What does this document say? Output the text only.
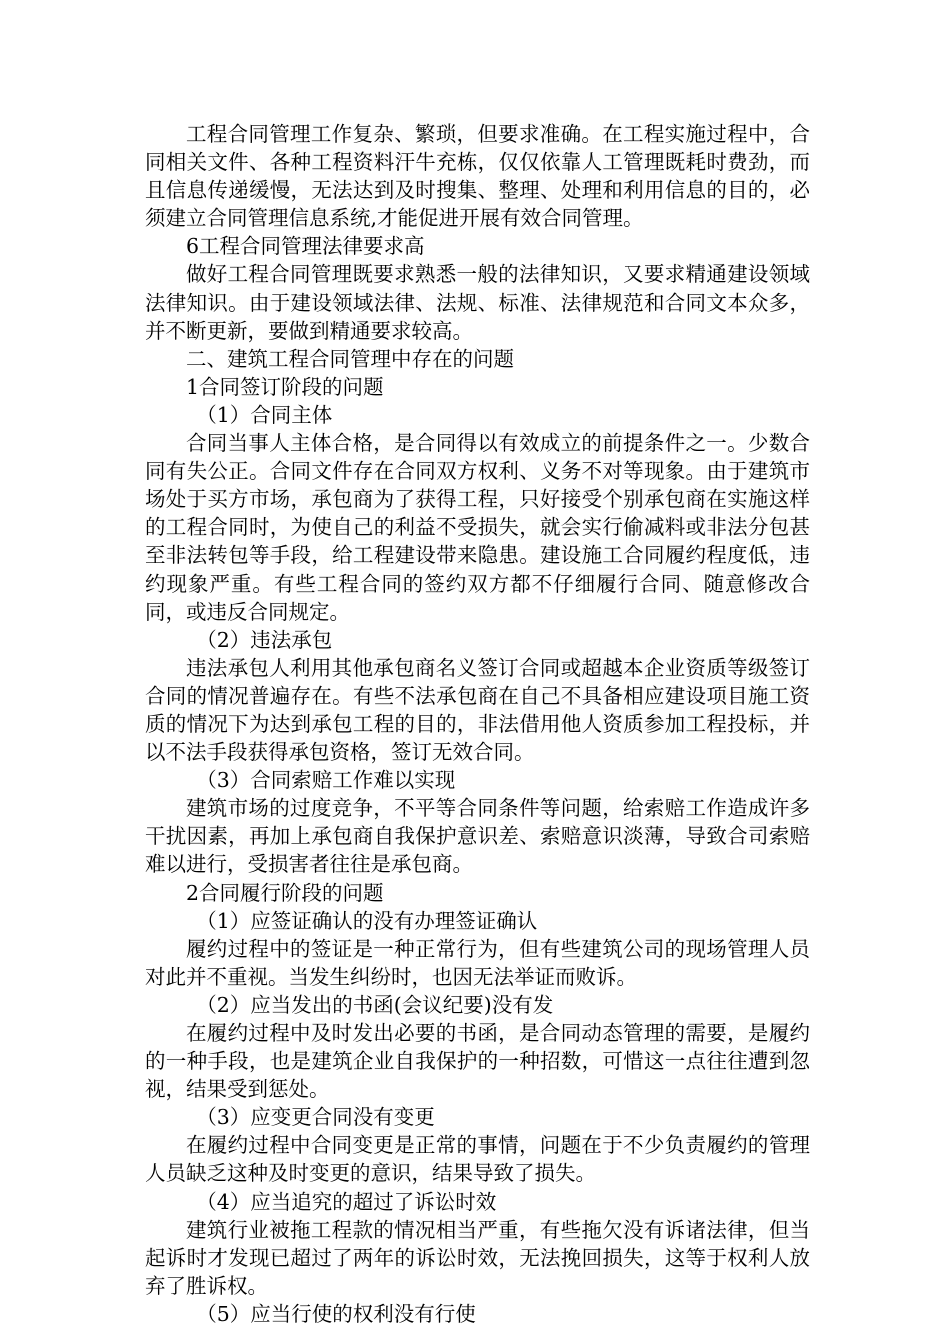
工程合同管理工作复杂、繁琐，但要求准确。在工程实施过程中，合同相关文件、各种工程资料汗牛充栋，仅仅依靠人工管理既耗时费劲，而且信息传递缓慢，无法达到及时搜集、整理、处理和利用信息的目的，必须建立合同管理信息系统,才能促进开展有效合同管理。

6工程合同管理法律要求高

做好工程合同管理既要求熟悉一般的法律知识，又要求精通建设领域法律知识。由于建设领域法律、法规、标准、法律规范和合同文本众多，并不断更新，要做到精通要求较高。

二、建筑工程合同管理中存在的问题

1合同签订阶段的问题

（1）合同主体

合同当事人主体合格，是合同得以有效成立的前提条件之一。少数合同有失公正。合同文件存在合同双方权利、义务不对等现象。由于建筑市场处于买方市场，承包商为了获得工程，只好接受个别承包商在实施这样的工程合同时，为使自己的利益不受损失，就会实行偷减料或非法分包甚至非法转包等手段，给工程建设带来隐患。建设施工合同履约程度低，违约现象严重。有些工程合同的签约双方都不仔细履行合同、随意修改合同，或违反合同规定。

（2）违法承包

违法承包人利用其他承包商名义签订合同或超越本企业资质等级签订合同的情况普遍存在。有些不法承包商在自己不具备相应建设项目施工资质的情况下为达到承包工程的目的，非法借用他人资质参加工程投标，并以不法手段获得承包资格，签订无效合同。

（3）合同索赔工作难以实现

建筑市场的过度竞争，不平等合同条件等问题，给索赔工作造成许多干扰因素，再加上承包商自我保护意识差、索赔意识淡薄，导致合司索赔难以进行，受损害者往往是承包商。

2合同履行阶段的问题

（1）应签证确认的没有办理签证确认

履约过程中的签证是一种正常行为，但有些建筑公司的现场管理人员对此并不重视。当发生纠纷时，也因无法举证而败诉。

（2）应当发出的书函(会议纪要)没有发

在履约过程中及时发出必要的书函，是合同动态管理的需要，是履约的一种手段，也是建筑企业自我保护的一种招数，可惜这一点往往遭到忽视，结果受到惩处。

（3）应变更合同没有变更

在履约过程中合同变更是正常的事情，问题在于不少负责履约的管理人员缺乏这种及时变更的意识，结果导致了损失。

（4）应当追究的超过了诉讼时效

建筑行业被拖工程款的情况相当严重，有些拖欠没有诉诸法律，但当起诉时才发现已超过了两年的诉讼时效，无法挽回损失，这等于权利人放弃了胜诉权。

（5）应当行使的权利没有行使
